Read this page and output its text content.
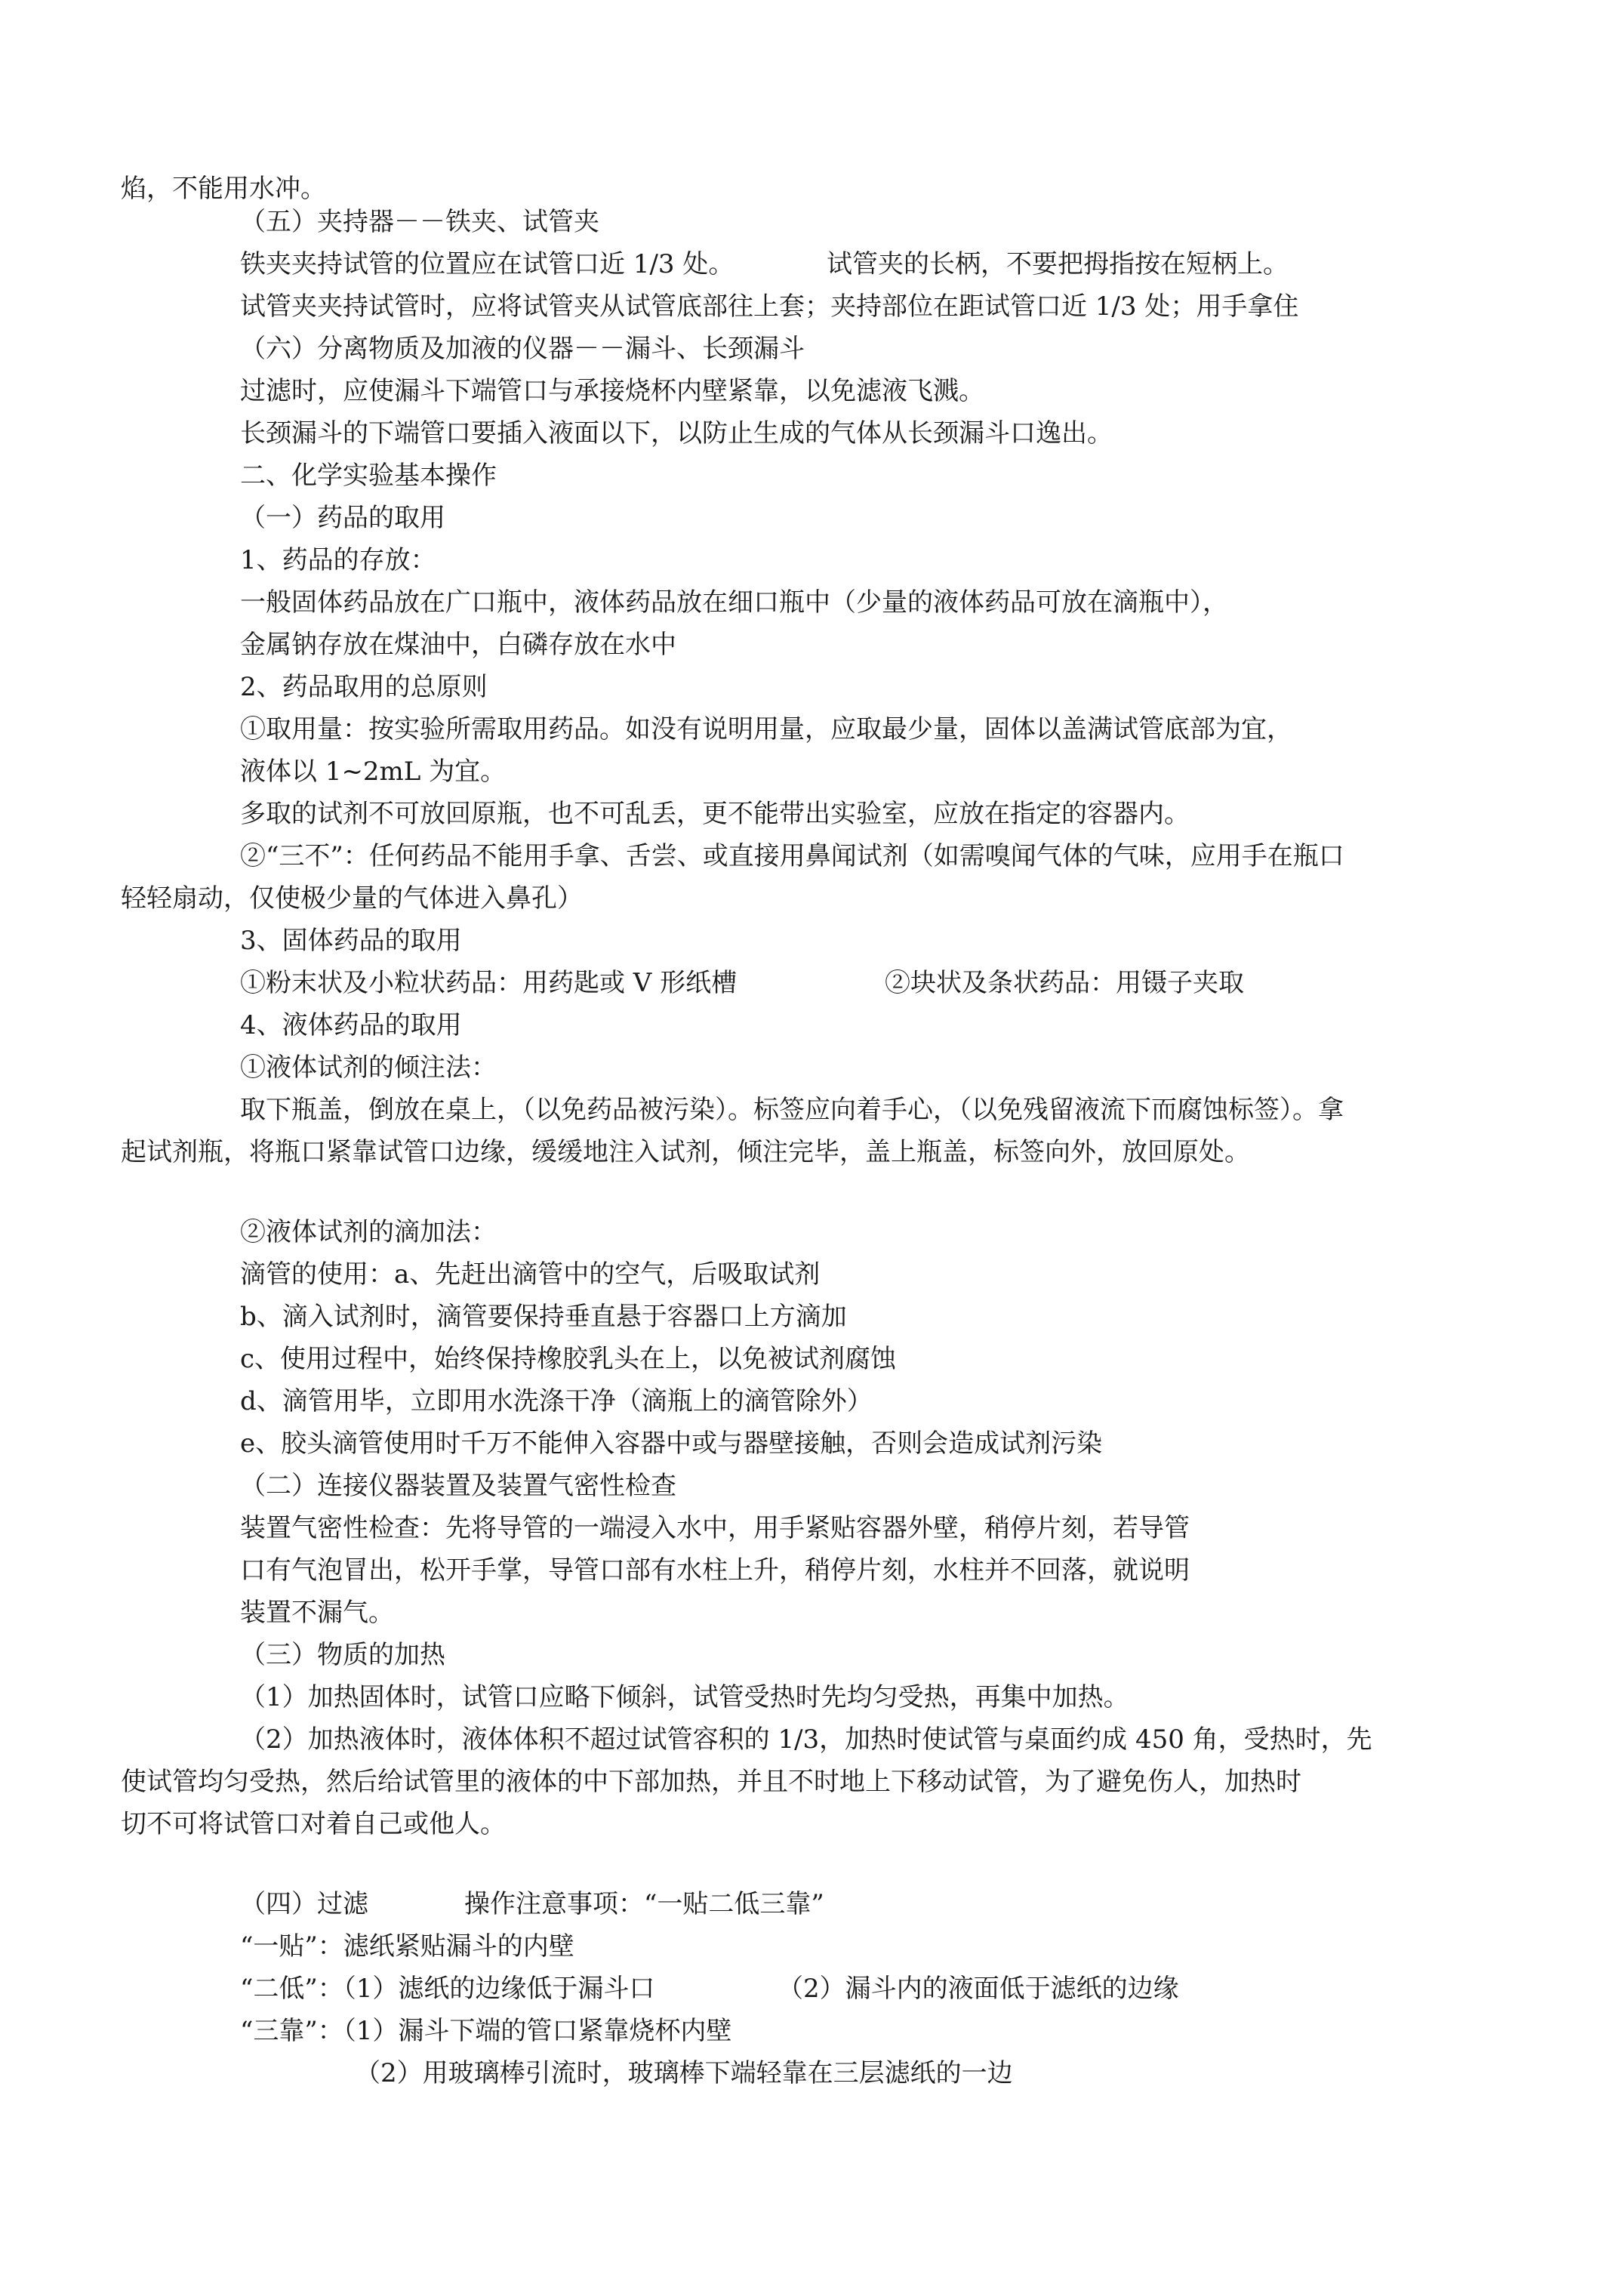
焰，不能用水冲。
（五）夹持器－－铁夹、试管夹
铁夹夹持试管的位置应在试管口近 1/3 处。	试管夹的长柄，不要把拇指按在短柄上。
试管夹夹持试管时，应将试管夹从试管底部往上套；夹持部位在距试管口近 1/3 处；用手拿住
（六）分离物质及加液的仪器－－漏斗、长颈漏斗
过滤时，应使漏斗下端管口与承接烧杯内壁紧靠，以免滤液飞溅。
长颈漏斗的下端管口要插入液面以下，以防止生成的气体从长颈漏斗口逸出。
二、化学实验基本操作
（一）药品的取用
1、药品的存放：
一般固体药品放在广口瓶中，液体药品放在细口瓶中（少量的液体药品可放在滴瓶中），
金属钠存放在煤油中，白磷存放在水中
2、药品取用的总原则
①取用量：按实验所需取用药品。如没有说明用量，应取最少量，固体以盖满试管底部为宜，
液体以 1~2mL 为宜。
多取的试剂不可放回原瓶，也不可乱丢，更不能带出实验室，应放在指定的容器内。
②“三不”：任何药品不能用手拿、舌尝、或直接用鼻闻试剂（如需嗅闻气体的气味，应用手在瓶口
轻轻扇动，仅使极少量的气体进入鼻孔）
3、固体药品的取用
①粉末状及小粒状药品：用药匙或 V 形纸槽	②块状及条状药品：用镊子夹取
4、液体药品的取用
①液体试剂的倾注法：
取下瓶盖，倒放在桌上，（以免药品被污染）。标签应向着手心，（以免残留液流下而腐蚀标签）。拿
起试剂瓶，将瓶口紧靠试管口边缘，缓缓地注入试剂，倾注完毕，盖上瓶盖，标签向外，放回原处。
②液体试剂的滴加法：
滴管的使用：a、先赶出滴管中的空气，后吸取试剂
b、滴入试剂时，滴管要保持垂直悬于容器口上方滴加
c、使用过程中，始终保持橡胶乳头在上，以免被试剂腐蚀
d、滴管用毕，立即用水洗涤干净（滴瓶上的滴管除外）
e、胶头滴管使用时千万不能伸入容器中或与器壁接触，否则会造成试剂污染
（二）连接仪器装置及装置气密性检查
装置气密性检查：先将导管的一端浸入水中，用手紧贴容器外壁，稍停片刻，若导管
口有气泡冒出，松开手掌，导管口部有水柱上升，稍停片刻，水柱并不回落，就说明
装置不漏气。
（三）物质的加热
（1）加热固体时，试管口应略下倾斜，试管受热时先均匀受热，再集中加热。
（2）加热液体时，液体体积不超过试管容积的 1/3，加热时使试管与桌面约成 450 角，受热时，先
使试管均匀受热，然后给试管里的液体的中下部加热，并且不时地上下移动试管，为了避免伤人，加热时
切不可将试管口对着自己或他人。
（四）过滤	操作注意事项：“一贴二低三靠”
“一贴”：滤纸紧贴漏斗的内壁
“二低”：（1）滤纸的边缘低于漏斗口	（2）漏斗内的液面低于滤纸的边缘
“三靠”：（1）漏斗下端的管口紧靠烧杯内壁
（2）用玻璃棒引流时，玻璃棒下端轻靠在三层滤纸的一边
